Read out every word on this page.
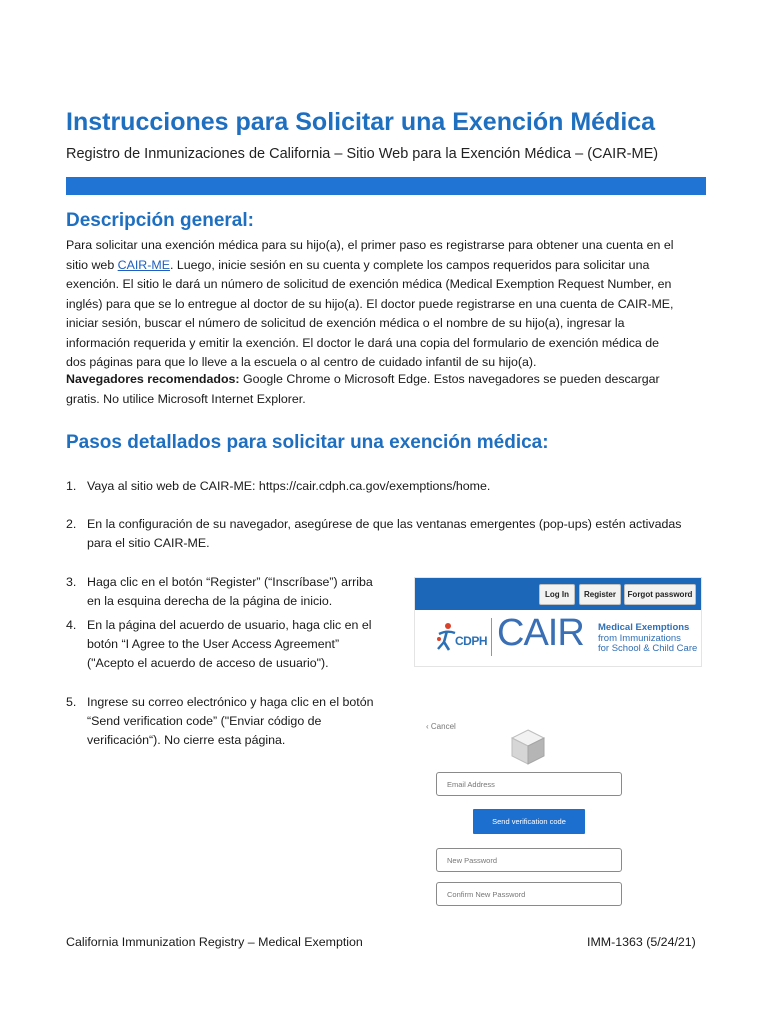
Instrucciones para Solicitar una Exención Médica
Registro de Inmunizaciones de California – Sitio Web para la Exención Médica – (CAIR-ME)
Descripción general:
Para solicitar una exención médica para su hijo(a), el primer paso es registrarse para obtener una cuenta en el
sitio web CAIR-ME. Luego, inicie sesión en su cuenta y complete los campos requeridos para solicitar una
exención. El sitio le dará un número de solicitud de exención médica (Medical Exemption Request Number, en
inglés) para que se lo entregue al doctor de su hijo(a). El doctor puede registrarse en una cuenta de CAIR-ME,
iniciar sesión, buscar el número de solicitud de exención médica o el nombre de su hijo(a), ingresar la
información requerida y emitir la exención. El doctor le dará una copia del formulario de exención médica de
dos páginas para que lo lleve a la escuela o al centro de cuidado infantil de su hijo(a).
Navegadores recomendados: Google Chrome o Microsoft Edge. Estos navegadores se pueden descargar
gratis. No utilice Microsoft Internet Explorer.
Pasos detallados para solicitar una exención médica:
1. Vaya al sitio web de CAIR-ME: https://cair.cdph.ca.gov/exemptions/home.
2. En la configuración de su navegador, asegúrese de que las ventanas emergentes (pop-ups) estén activadas
para el sitio CAIR-ME.
3. Haga clic en el botón “Register” (“Inscríbase”) arriba
en la esquina derecha de la página de inicio.
4. En la página del acuerdo de usuario, haga clic en el
botón “I Agree to the User Access Agreement”
("Acepto el acuerdo de acceso de usuario").
5. Ingrese su correo electrónico y haga clic en el botón
“Send verification code” ("Enviar código de
verificación“). No cierre esta página.
Log In	Register	Forgot password
CDPH CAIR Medical Exemptions
from Immunizations
for School & Child Care
‹ Cancel
Email Address
Send verification code
New Password
Confirm New Password
California Immunization Registry – Medical Exemption	IMM-1363 (5/24/21)
